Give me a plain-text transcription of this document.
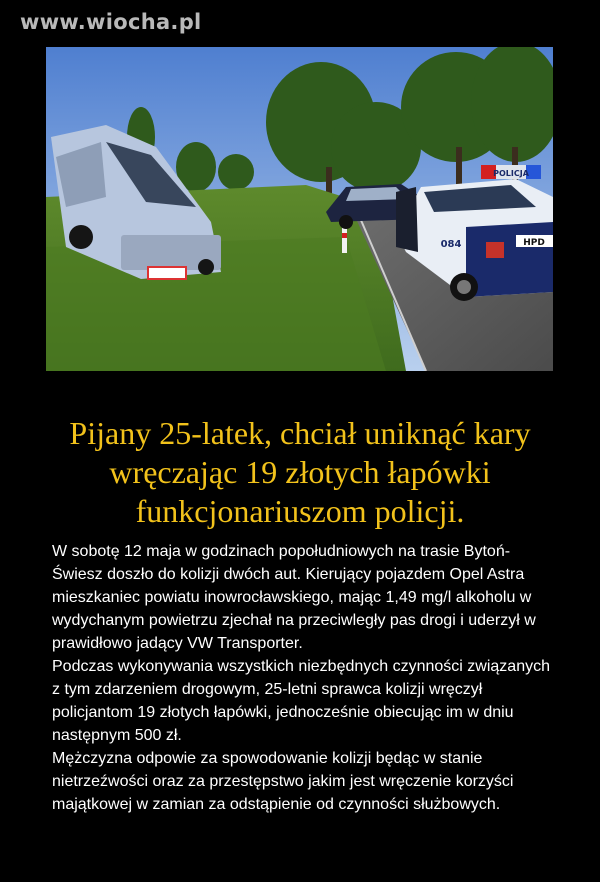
www.wiocha.pl
POLICJA
HPD
084
Pijany 25-latek, chciał uniknąć kary wręczając 19 złotych łapówki funkcjonariuszom policji.

W sobotę 12 maja w godzinach popołudniowych na trasie Bytoń- Świesz doszło do kolizji dwóch aut. Kierujący pojazdem Opel Astra mieszkaniec powiatu inowrocławskiego, mając 1,49 mg/l alkoholu w wydychanym powietrzu zjechał na przeciwległy pas drogi i uderzył w prawidłowo jadący VW Transporter.

Podczas wykonywania wszystkich niezbędnych czynności związanych z tym zdarzeniem drogowym, 25-letni sprawca kolizji wręczył policjantom 19 złotych łapówki, jednocześnie obiecując im w dniu następnym 500 zł.

Mężczyzna odpowie za spowodowanie kolizji będąc w stanie nietrzeźwości oraz za przestępstwo jakim jest wręczenie korzyści majątkowej w zamian za odstąpienie od czynności służbowych.
